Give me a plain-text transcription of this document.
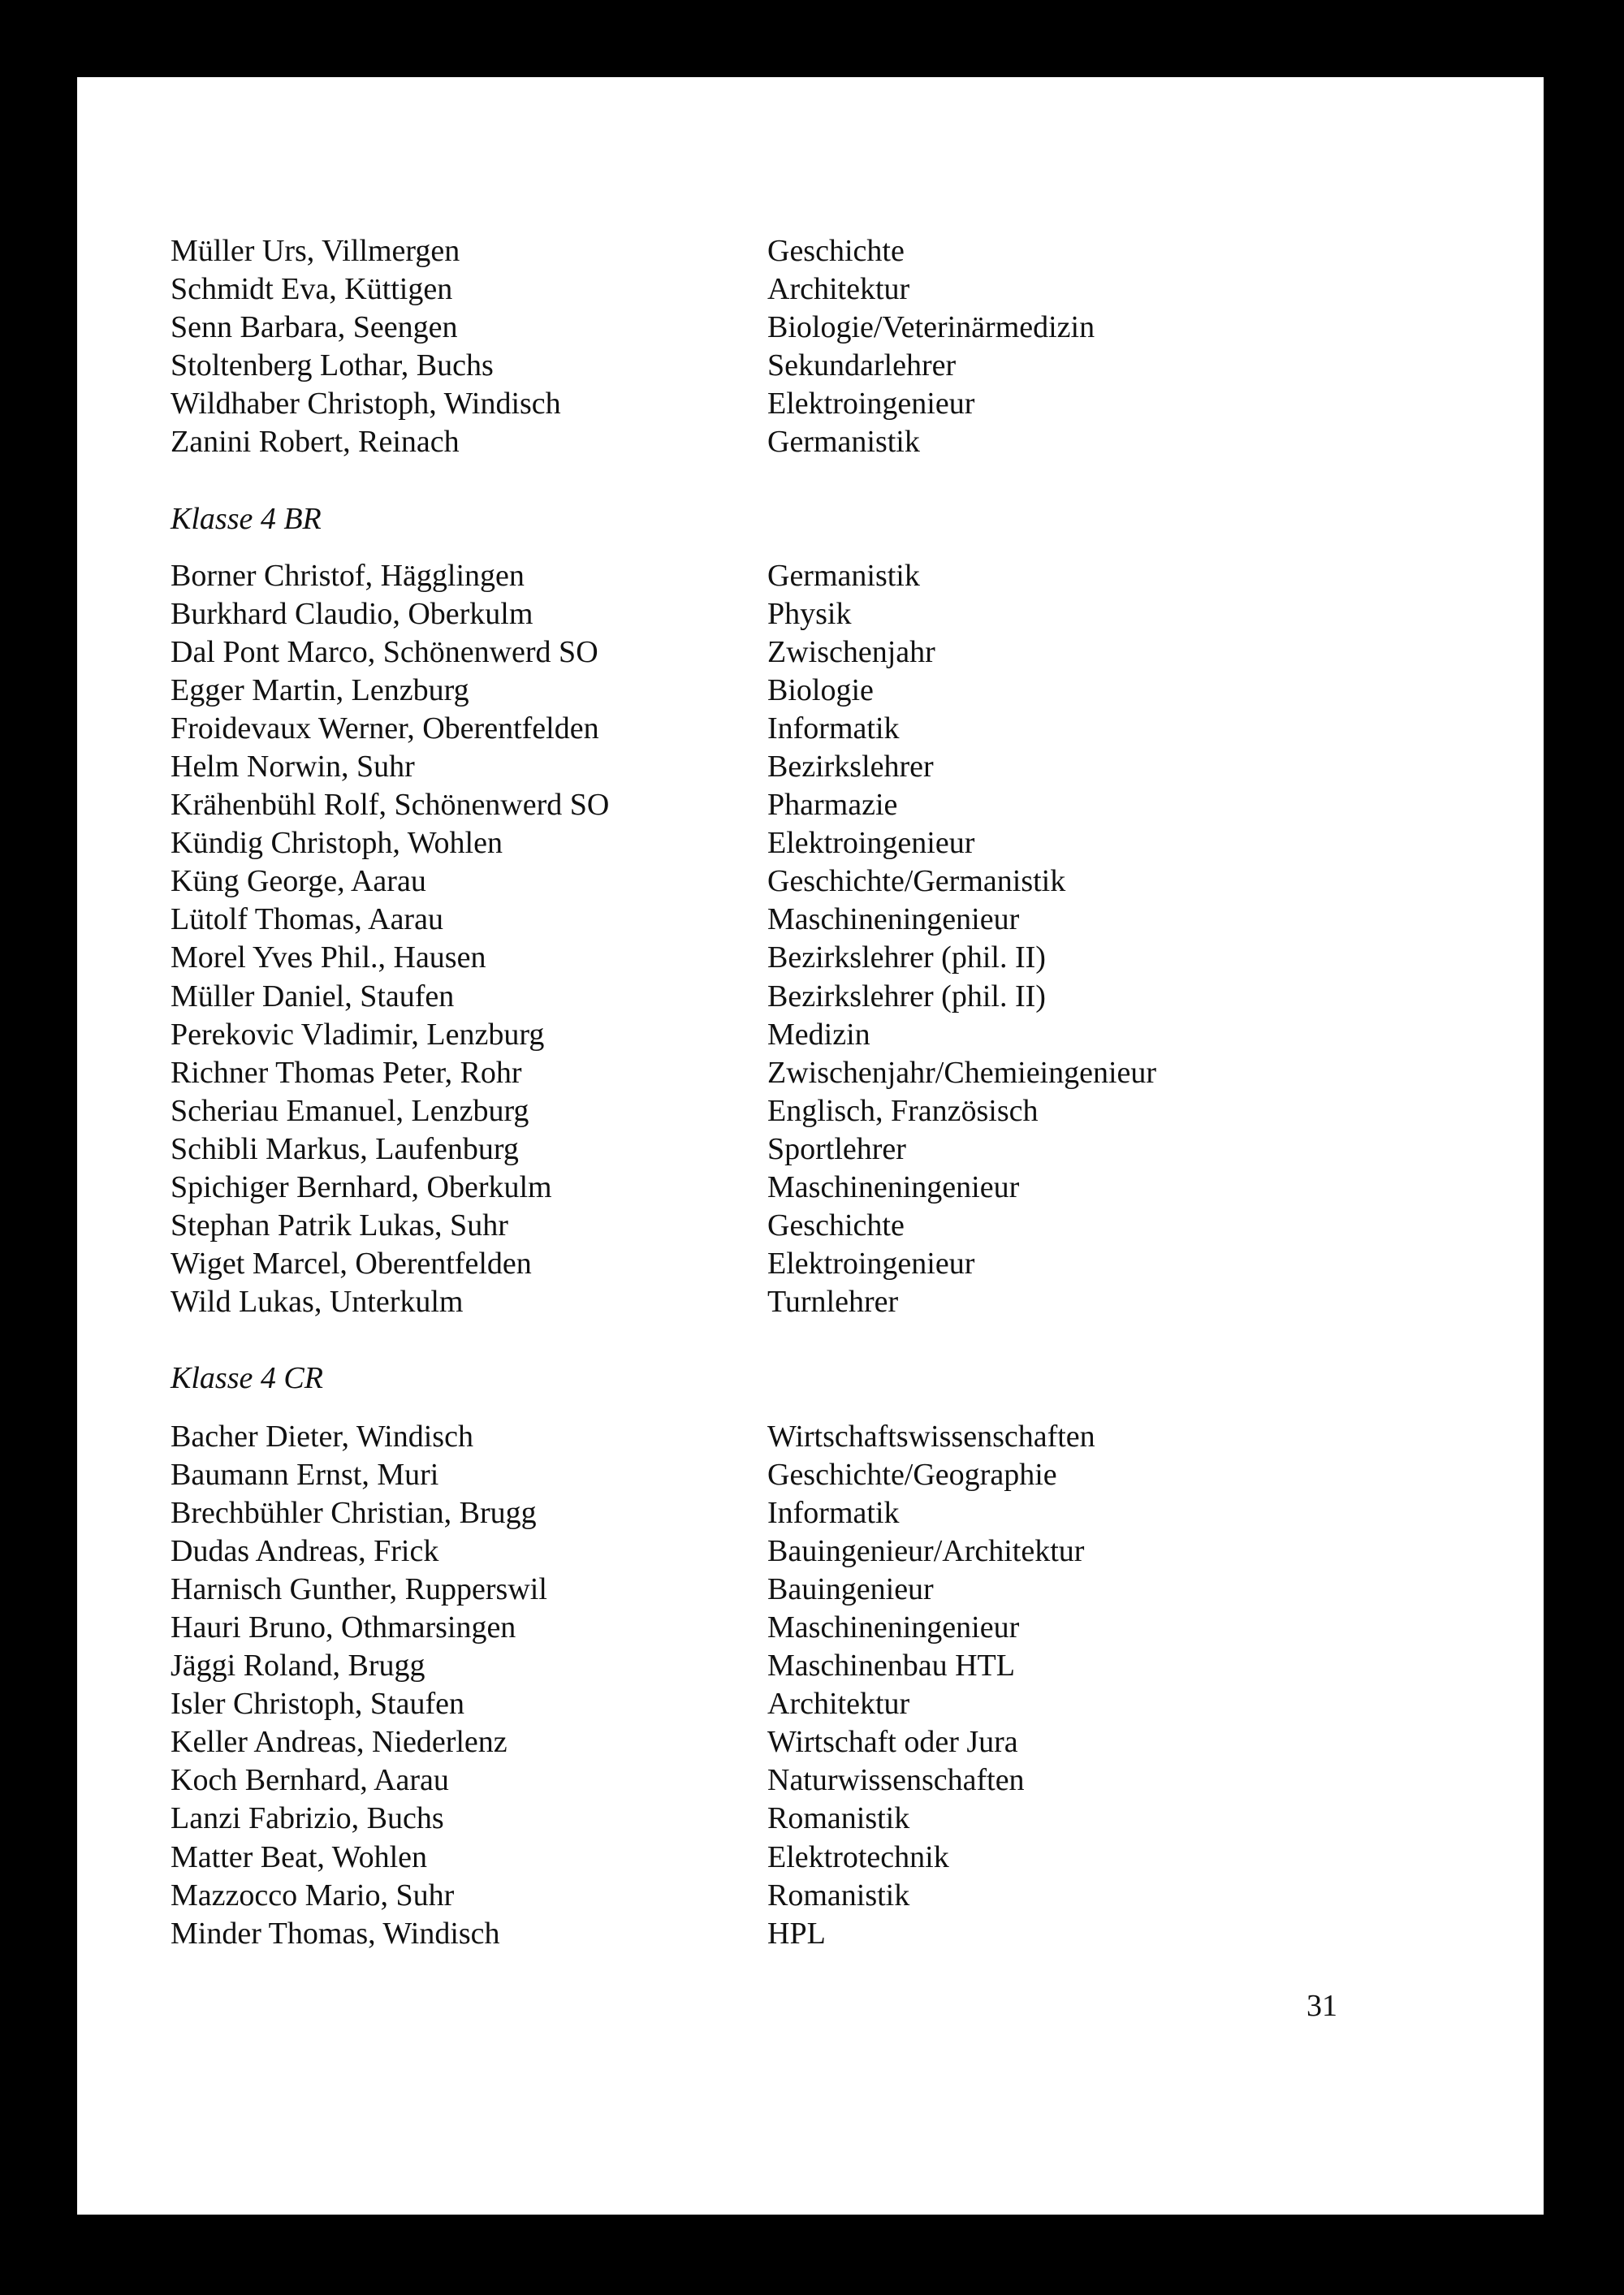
Müller Urs, Villmergen	Geschichte
Schmidt Eva, Küttigen	Architektur
Senn Barbara, Seengen	Biologie/Veterinärmedizin
Stoltenberg Lothar, Buchs	Sekundarlehrer
Wildhaber Christoph, Windisch	Elektroingenieur
Zanini Robert, Reinach	Germanistik
Klasse 4 BR
Borner Christof, Hägglingen	Germanistik
Burkhard Claudio, Oberkulm	Physik
Dal Pont Marco, Schönenwerd SO	Zwischenjahr
Egger Martin, Lenzburg	Biologie
Froidevaux Werner, Oberentfelden	Informatik
Helm Norwin, Suhr	Bezirkslehrer
Krähenbühl Rolf, Schönenwerd SO	Pharmazie
Kündig Christoph, Wohlen	Elektroingenieur
Küng George, Aarau	Geschichte/Germanistik
Lütolf Thomas, Aarau	Maschineningenieur
Morel Yves Phil., Hausen	Bezirkslehrer (phil. II)
Müller Daniel, Staufen	Bezirkslehrer (phil. II)
Perekovic Vladimir, Lenzburg	Medizin
Richner Thomas Peter, Rohr	Zwischenjahr/Chemieingenieur
Scheriau Emanuel, Lenzburg	Englisch, Französisch
Schibli Markus, Laufenburg	Sportlehrer
Spichiger Bernhard, Oberkulm	Maschineningenieur
Stephan Patrik Lukas, Suhr	Geschichte
Wiget Marcel, Oberentfelden	Elektroingenieur
Wild Lukas, Unterkulm	Turnlehrer
Klasse 4 CR
Bacher Dieter, Windisch	Wirtschaftswissenschaften
Baumann Ernst, Muri	Geschichte/Geographie
Brechbühler Christian, Brugg	Informatik
Dudas Andreas, Frick	Bauingenieur/Architektur
Harnisch Gunther, Rupperswil	Bauingenieur
Hauri Bruno, Othmarsingen	Maschineningenieur
Jäggi Roland, Brugg	Maschinenbau HTL
Isler Christoph, Staufen	Architektur
Keller Andreas, Niederlenz	Wirtschaft oder Jura
Koch Bernhard, Aarau	Naturwissenschaften
Lanzi Fabrizio, Buchs	Romanistik
Matter Beat, Wohlen	Elektrotechnik
Mazzocco Mario, Suhr	Romanistik
Minder Thomas, Windisch	HPL
31
